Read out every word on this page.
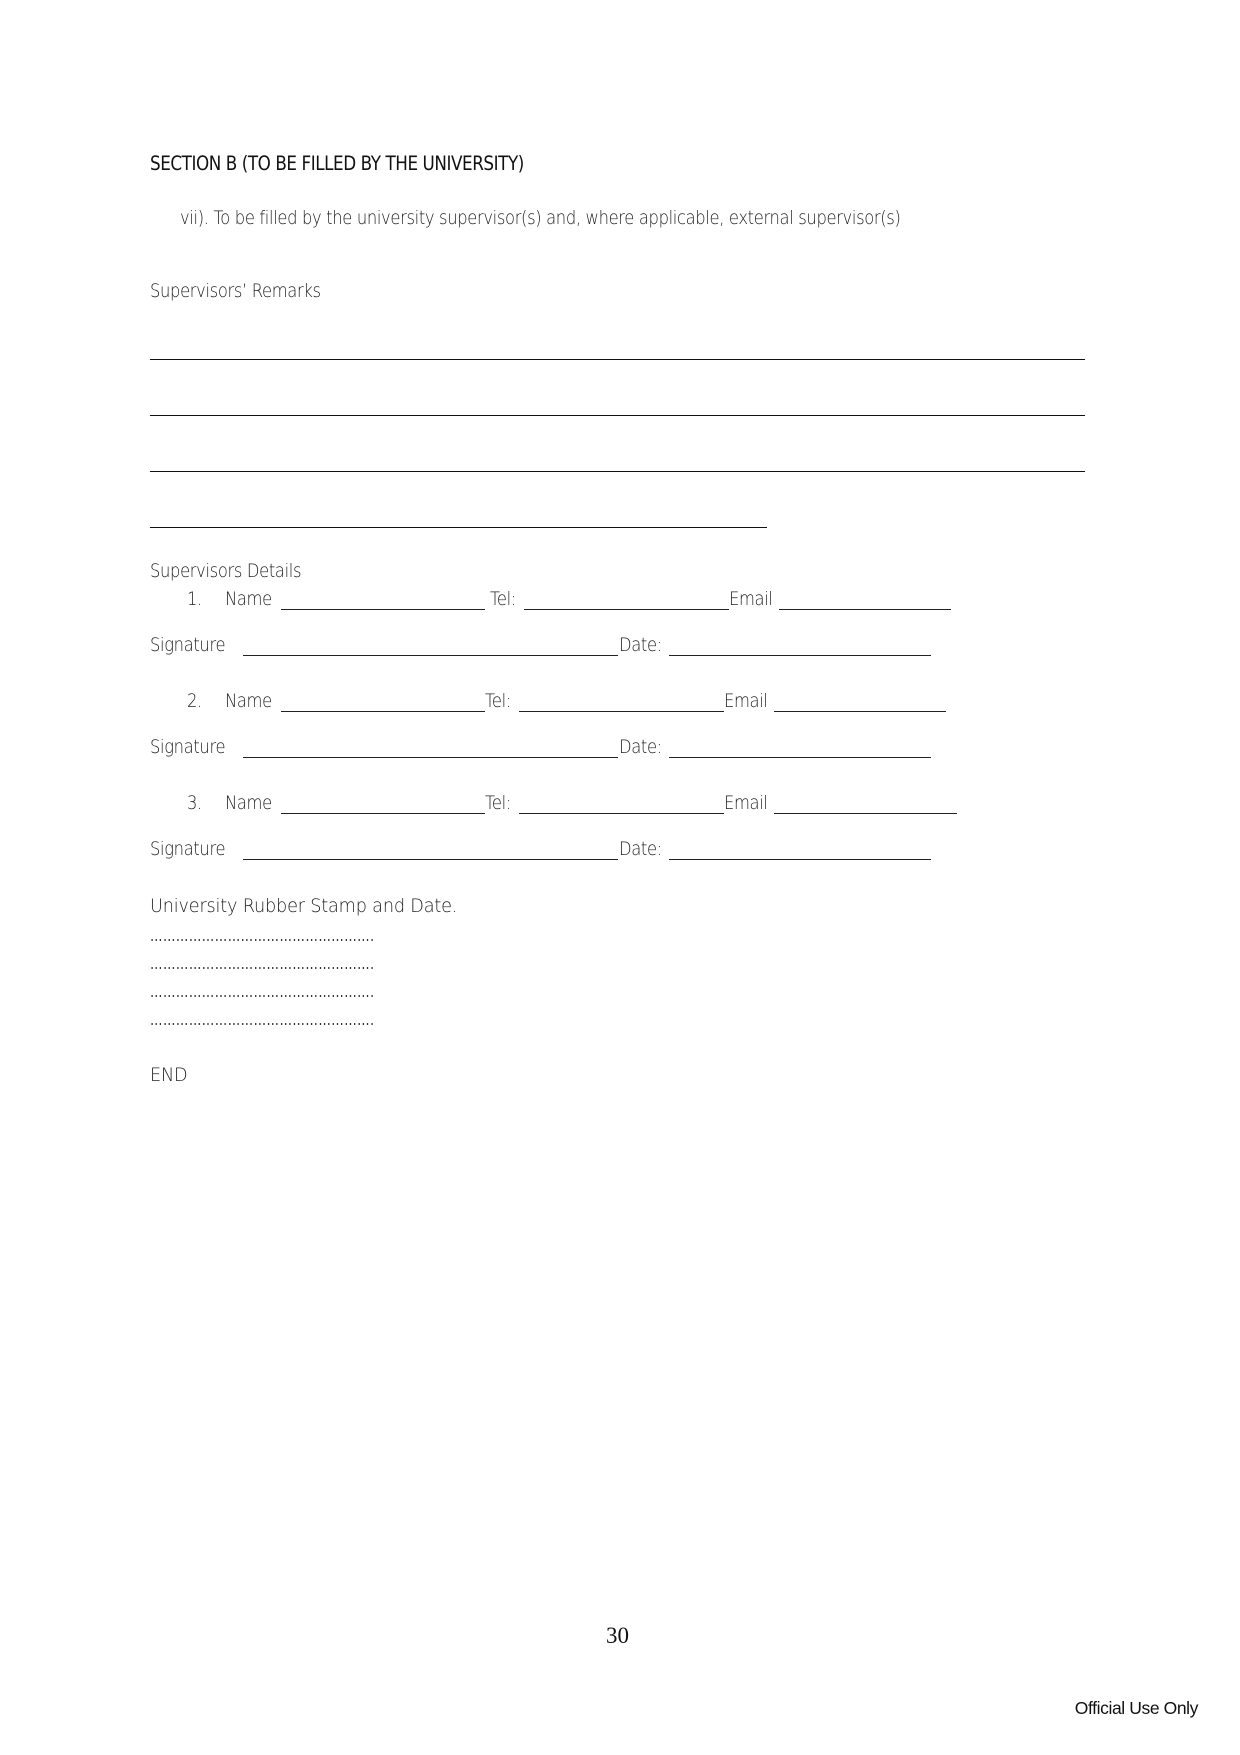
SECTION B (TO BE FILLED BY THE UNIVERSITY)
vii). To be filled by the university supervisor(s) and, where applicable, external supervisor(s)
Supervisors’ Remarks
Supervisors Details
1. Name	Tel:	Email
Signature	Date:
2. Name	Tel:	Email
Signature	Date:
3. Name	Tel:	Email
Signature	Date:
University Rubber Stamp and Date.
…………………………………………….
…………………………………………….
…………………………………………….
…………………………………………….
END
30
Official Use Only
